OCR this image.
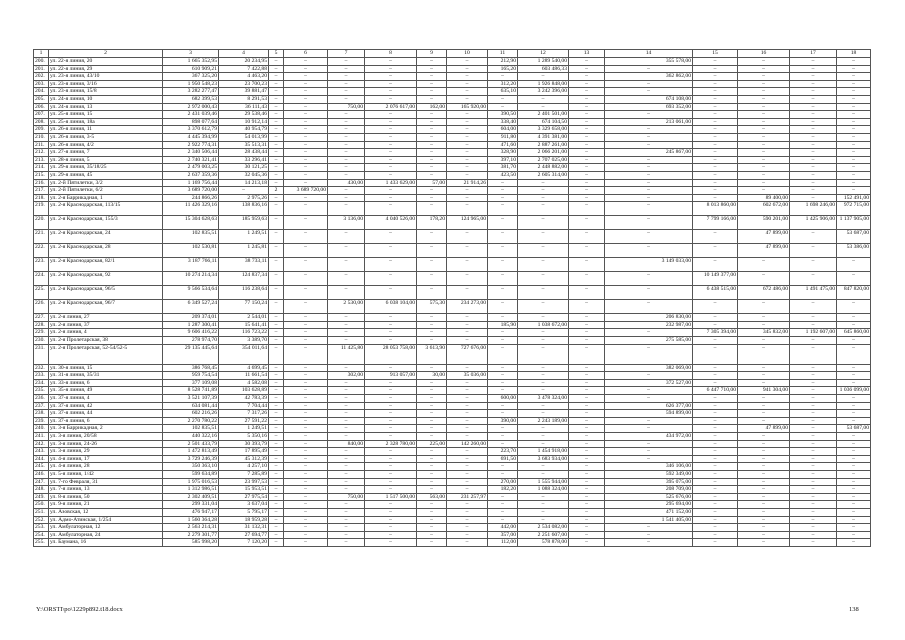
1	2	3	4	5	6	7	8	9	10	11	12	13	14	15	16	17	18
200.	ул. 22-я линия, 20	1 665 352,95	20 234,95	–	–	–	–	–	–	212,90	1 289 540,00	–	355 578,00	–	–	–	–
201.	ул. 22-я линия, 29	610 909,21	7 422,88	–	–	–	–	–	–	165,20	603 486,33	–	–	–	–	–	–
202.	ул. 23-я линия, 43/10	367 325,20	4 463,20	–	–	–	–	–	–	–	–	–	362 862,00	–	–	–	–
203.	ул. 23-я линия, 3/16	1 950 548,23	23 700,23	–	–	–	–	–	–	312,20	1 926 848,00	–	–	–	–	–	–
204.	ул. 23-я линия, 15/8	3 282 277,47	39 881,47	–	–	–	–	–	–	635,10	3 242 396,00	–	–	–	–	–	–
205.	ул. 24-я линия, 10	682 399,53	8 291,53	–	–	–	–	–	–	–	–	–	674 108,00	–	–	–	–
206.	ул. 24-я линия, 13	2 972 000,43	36 111,43	–	–	750,00	2 076 617,00	162,00	165 920,00	–	–	–	693 352,00	–	–	–	–
207.	ул. 25-я линия, 15	2 431 039,46	29 538,46	–	–	–	–	–	–	390,50	2 401 501,00	–	–	–	–	–	–
208.	ул. 25-я линия, 18а	898 077,64	10 912,14	–	–	–	–	–	–	338,40	674 104,50	–	213 061,00	–	–	–	–
209.	ул. 26-я линия, 11	3 370 612,79	40 954,79	–	–	–	–	–	–	604,00	3 329 658,00	–	–	–	–	–	–
210.	ул. 26-я линия, 3-5	4 445 394,99	54 013,99	–	–	–	–	–	–	911,80	4 391 381,00	–	–	–	–	–	–
211.	ул. 26-я линия, 4/2	2 922 774,31	35 513,31	–	–	–	–	–	–	471,60	2 887 261,00	–	–	–	–	–	–
212.	ул. 27-я линия, 7	2 340 506,44	28 438,44	–	–	–	–	–	–	328,90	2 066 201,00	–	245 867,00	–	–	–	–
213.	ул. 28-я линия, 5	2 740 321,41	33 296,41	–	–	–	–	–	–	397,10	2 707 025,00	–	–	–	–	–	–
214.	ул. 29-я линия, 35/18/25	2 479 003,25	30 121,25	–	–	–	–	–	–	381,70	2 448 882,00	–	–	–	–	–	–
215.	ул. 29-я линия, 45	2 637 359,36	32 045,36	–	–	–	–	–	–	423,50	2 605 314,00	–	–	–	–	–	–
216.	ул. 2-й Пятилетки, 3/2	1 169 756,44	14 213,18	–	–	430,00	1 433 629,00	57,00	21 914,26	–	–	–	–	–	–	–	–
217.	ул. 2-й Пятилетки, 6/2	3 689 720,00	–	2	3 689 720,00	–	–	–	–	–	–	–	–	–	–	–	–
218.	ул. 2-я Баррикадная, 1	244 866,26	2 975,26	–	–	–	–	–	–	–	–	–	–	–	89 400,00	–	152 491,00
219.	ул. 2-я Краснодарская, 113/15	11 426 329,16	138 836,16	–	–	–	–	–	–	–	–	–	–	8 013 860,00	602 672,00	1 698 246,00	972 715,00
220.	ул. 2-я Краснодарская, 155/3	15 304 628,63	185 959,63	–	–	3 136,00	4 040 526,00	178,20	124 965,00	–	–	–	–	7 799 166,00	590 201,00	1 425 906,00	1 137 905,00
221.	ул. 2-я Краснодарская, 24	102 835,51	1 249,51	–	–	–	–	–	–	–	–	–	–	–	47 899,00	–	53 687,00
222.	ул. 2-я Краснодарская, 28	102 530,81	1 245,81	–	–	–	–	–	–	–	–	–	–	–	47 899,00	–	53 386,00
223.	ул. 2-я Краснодарская, 82/1	3 187 766,11	38 733,11	–	–	–	–	–	–	–	–	–	3 149 033,00	–	–	–	–
224.	ул. 2-я Краснодарская, 92	10 274 214,34	124 837,34	–	–	–	–	–	–	–	–	–	–	10 149 377,00	–	–	–
225.	ул. 2-я Краснодарская, 96/5	9 566 534,64	116 238,64	–	–	–	–	–	–	–	–	–	–	6 438 515,00	672 486,00	1 491 475,00	847 820,00
226.	ул. 2-я Краснодарская, 96/7	6 349 527,24	77 150,24	–	–	2 530,00	6 038 104,00	575,30	234 273,00	–	–	–	–	–	–	–	–
227.	ул. 2-я линия, 27	209 374,01	2 544,01	–	–	–	–	–	–	–	–	–	206 830,00	–	–	–	–
228.	ул. 2-я линия, 37	1 287 300,41	15 641,41	–	–	–	–	–	–	185,90	1 038 672,00	–	232 987,00	–	–	–	–
229.	ул. 2-я линия, 4	9 606 416,22	116 723,22	–	–	–	–	–	–	–	–	–	–	7 305 394,00	345 832,00	1 192 607,00	645 860,00
230.	ул. 2-я Пролетарская, 38	278 974,70	3 389,70	–	–	–	–	–	–	–	–	–	275 585,00	–	–	–	–
231.	ул. 2-я Пролетарская, 52-54/52-5	29 135 445,64	354 011,64	–	–	11 425,80	28 053 758,00	3 613,90	727 676,00	–	–	–	–	–	–	–	–
232.	ул. 30-я линия, 15	386 768,45	4 699,45	–	–	–	–	–	–	–	–	–	382 069,00	–	–	–	–
233.	ул. 31-я линия, 35/31	959 754,54	11 661,54	–	–	302,00	913 057,00	30,00	35 036,00	–	–	–	–	–	–	–	–
234.	ул. 33-я линия, 6	377 109,08	4 582,08	–	–	–	–	–	–	–	–	–	372 527,00	–	–	–	–
235.	ул. 35-я линия, 49	8 528 741,89	103 628,89	–	–	–	–	–	–	–	–	–	–	6 447 710,00	941 304,00	–	1 036 099,00
236.	ул. 37-я линия, 4	3 521 107,39	42 783,39	–	–	–	–	–	–	600,00	3 478 324,00	–	–	–	–	–	–
237.	ул. 37-я линия, 42	634 081,44	7 704,44	–	–	–	–	–	–	–	–	–	626 377,00	–	–	–	–
238.	ул. 37-я линия, 44	602 216,26	7 317,26	–	–	–	–	–	–	–	–	–	594 899,00	–	–	–	–
239.	ул. 37-я линия, 6	2 270 780,22	27 591,22	–	–	–	–	–	–	390,00	2 243 189,00	–	–	–	–	–	–
240.	ул. 3-я Баррикадная, 2	102 835,51	1 249,51	–	–	–	–	–	–	–	–	–	–	–	47 899,00	–	53 687,00
241.	ул. 3-я линия, 20/58	440 322,16	5 350,16	–	–	–	–	–	–	–	–	–	434 972,00	–	–	–	–
242.	ул. 3-я линия, 24-26	2 501 433,79	30 393,79	–	–	840,00	2 328 780,00	225,00	142 260,00	–	–	–	–	–	–	–	–
243.	ул. 3-я линия, 29	1 472 813,49	17 895,49	–	–	–	–	–	–	223,70	1 454 918,00	–	–	–	–	–	–
244.	ул. 4-я линия, 17	3 729 246,39	45 312,39	–	–	–	–	–	–	691,50	3 683 934,00	–	–	–	–	–	–
245.	ул. 4-я линия, 28	350 363,10	4 257,10	–	–	–	–	–	–	–	–	–	346 106,00	–	–	–	–
246.	ул. 5-я линия, 1/42	599 634,89	7 285,89	–	–	–	–	–	–	–	–	–	592 349,00	–	–	–	–
247.	ул. 7-го Февраля, 31	1 975 016,53	23 997,53	–	–	–	–	–	–	270,00	1 555 944,00	–	395 075,00	–	–	–	–
248.	ул. 7-я линия, 13	1 312 986,51	15 953,51	–	–	–	–	–	–	182,20	1 088 324,00	–	208 709,00	–	–	–	–
249.	ул. 8-я линия, 50	2 302 409,51	27 975,54	–	–	750,00	1 517 500,00	563,00	231 257,97	–	–	–	525 676,00	–	–	–	–
250.	ул. 9-я линия, 21	299 331,04	3 637,04	–	–	–	–	–	–	–	–	–	295 694,00	–	–	–	–
251.	ул. Азовская, 12	476 947,17	5 795,17	–	–	–	–	–	–	–	–	–	471 152,00	–	–	–	–
252.	ул. Адмо-Атинская, 1/254	1 560 364,28	18 959,28	–	–	–	–	–	–	–	–	–	1 541 405,00	–	–	–	–
253.	ул. Амбулаторная, 12	2 563 214,31	31 132,31	–	–	–	–	–	–	442,00	2 534 082,00	–	–	–	–	–	–
254.	ул. Амбулаторная, 24	2 279 301,77	27 694,77	–	–	–	–	–	–	357,00	2 251 607,00	–	–	–	–	–	–
255.	ул. Баумана, 16	585 998,20	7 120,20	–	–	–	–	–	–	112,00	578 878,00	–	–	–	–	–	–
Y:\ORSTI\po\1229p892.t18.docx	138
